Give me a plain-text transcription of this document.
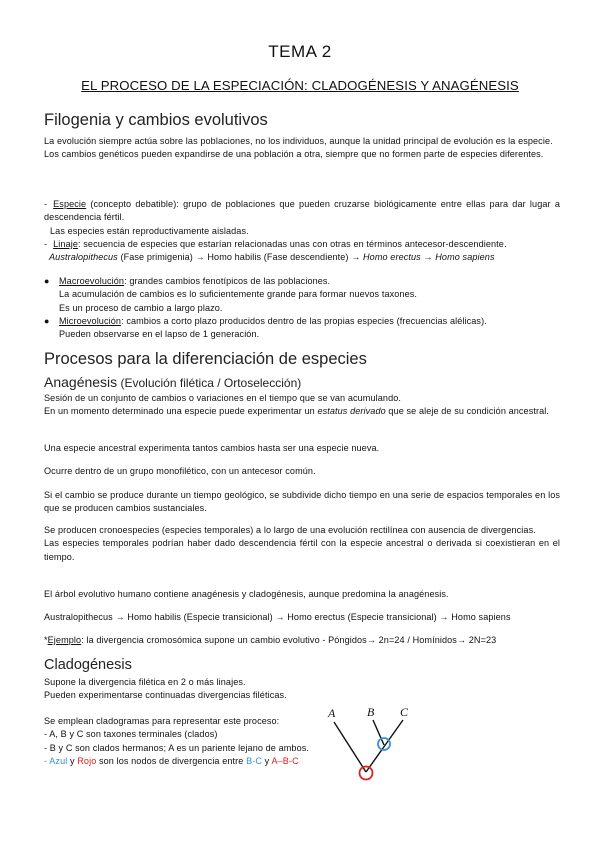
TEMA 2
EL PROCESO DE LA ESPECIACIÓN: CLADOGÉNESIS Y ANAGÉNESIS
Filogenia y cambios evolutivos

La evolución siempre actúa sobre las poblaciones, no los individuos, aunque la unidad principal de evolución es la especie.

Los cambios genéticos pueden expandirse de una población a otra, siempre que no formen parte de especies diferentes.

- Especie (concepto debatible): grupo de poblaciones que pueden cruzarse biológicamente entre ellas para dar lugar a descendencia fértil.

Las especies están reproductivamente aisladas.

- Linaje: secuencia de especies que estarían relacionadas unas con otras en términos antecesor-descendiente.

Australopithecus (Fase primigenia) → Homo habilis (Fase descendiente) → Homo erectus → Homo sapiens

● Macroevolución: grandes cambios fenotípicos de las poblaciones.

La acumulación de cambios es lo suficientemente grande para formar nuevos taxones.

Es un proceso de cambio a largo plazo.

● Microevolución: cambios a corto plazo producidos dentro de las propias especies (frecuencias alélicas).

Pueden observarse en el lapso de 1 generación.

Procesos para la diferenciación de especies
Anagénesis (Evolución filética / Ortoselección)

Sesión de un conjunto de cambios o variaciones en el tiempo que se van acumulando.

En un momento determinado una especie puede experimentar un estatus derivado que se aleje de su condición ancestral.

Una especie ancestral experimenta tantos cambios hasta ser una especie nueva.
Ocurre dentro de un grupo monofilético, con un antecesor común.
Si el cambio se produce durante un tiempo geológico, se subdivide dicho tiempo en una serie de espacios temporales en los que se producen cambios sustanciales.

Se producen cronoespecies (especies temporales) a lo largo de una evolución rectilínea con ausencia de divergencias.

Las especies temporales podrían haber dado descendencia fértil con la especie ancestral o derivada si coexistieran en el tiempo.

El árbol evolutivo humano contiene anagénesis y cladogénesis, aunque predomina la anagénesis.
Australopithecus → Homo habilis (Especie transicional) → Homo erectus (Especie transicional) → Homo sapiens
*Ejemplo: la divergencia cromosómica supone un cambio evolutivo - Póngidos→ 2n=24 / Homínidos→ 2N=23
Cladogénesis

Supone la divergencia filética en 2 o más linajes.

Pueden experimentarse continuadas divergencias filéticas.

Se emplean cladogramas para representar este proceso:

- A, B y C son taxones terminales (clados)

- B y C son clados hermanos; A es un pariente lejano de ambos.

- Azul y Rojo son los nodos de divergencia entre B-C y A–B-C

A	B C
